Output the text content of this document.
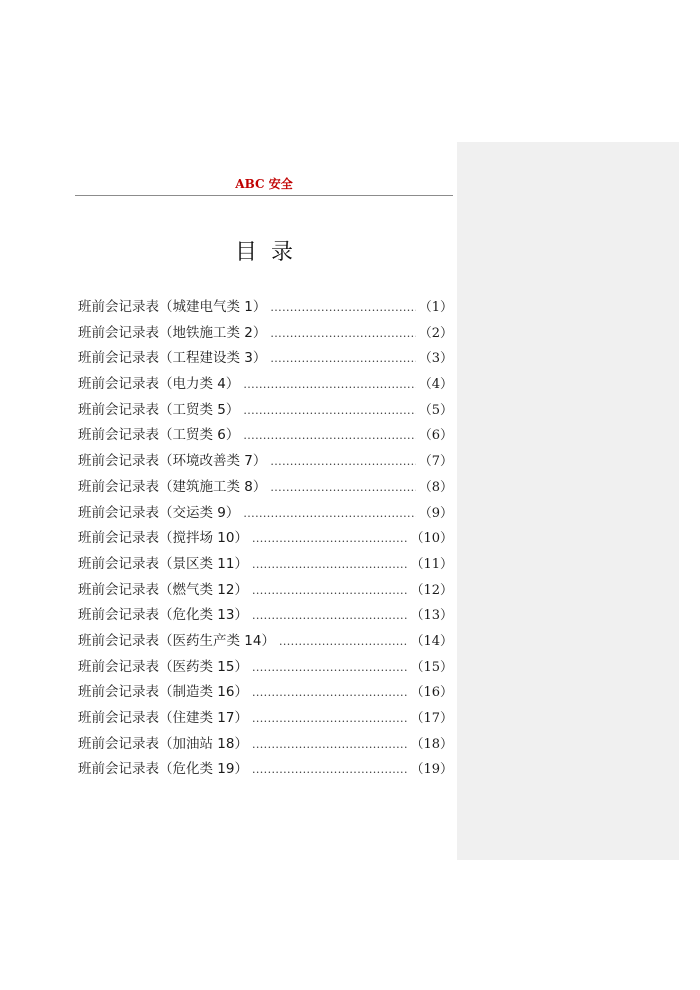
ABC 安全
目录
班前会记录表（城建电气类 1） .....	（1）
班前会记录表（地铁施工类 2） .....	（2）
班前会记录表（工程建设类 3） .....	（3）
班前会记录表（电力类 4） .....	（4）
班前会记录表（工贸类 5） .....	（5）
班前会记录表（工贸类 6） .....	（6）
班前会记录表（环境改善类 7） .....	（7）
班前会记录表（建筑施工类 8） .....	（8）
班前会记录表（交运类 9） .....	（9）
班前会记录表（搅拌场 10） .....	（10）
班前会记录表（景区类 11） .....	（11）
班前会记录表（燃气类 12） .....	（12）
班前会记录表（危化类 13） .....	（13）
班前会记录表（医药生产类 14） .....	（14）
班前会记录表（医药类 15） .....	（15）
班前会记录表（制造类 16） .....	（16）
班前会记录表（住建类 17） .....	（17）
班前会记录表（加油站 18） .....	（18）
班前会记录表（危化类 19） .....	（19）
